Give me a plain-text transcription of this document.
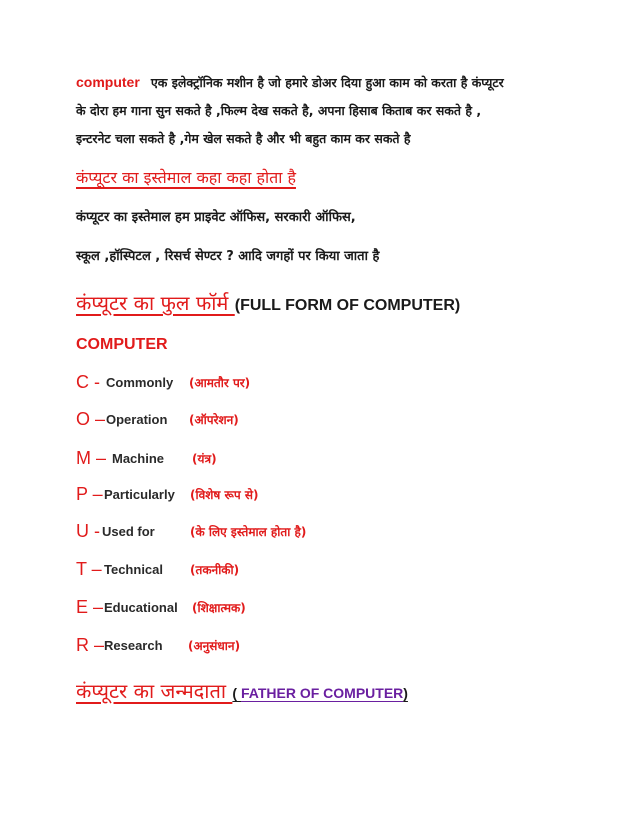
computer एक इलेक्ट्रॉनिक मशीन है जो हमारे डोअर दिया हुआ काम को करता है कंप्यूटर
के दोरा हम गाना सुन सकते है ,फिल्म देख सकते है, अपना हिसाब किताब कर सकते है ,
इन्टरनेट चला सकते है ,गेम खेल सकते है और भी बहुत काम कर सकते है
कंप्यूटर का इस्तेमाल कहा कहा होता है
कंप्यूटर का इस्तेमाल हम प्राइवेट ऑफिस, सरकारी ऑफिस,
स्कूल ,हॉस्पिटल , रिसर्च सेण्टर ? आदि जगहों पर किया जाता है
कंप्यूटर का फुल फॉर्म (FULL FORM OF COMPUTER)
COMPUTER
C - Commonly (आमतौर पर)
O – Operation (ऑपरेशन)
M – Machine (यंत्र)
P – Particularly (विशेष रूप से)
U - Used for	(के लिए इस्तेमाल होता है)
T – Technical (तकनीकी)
E – Educational (शिक्षात्मक)
R – Research (अनुसंधान)
कंप्यूटर का जन्मदाता ( FATHER OF COMPUTER)
